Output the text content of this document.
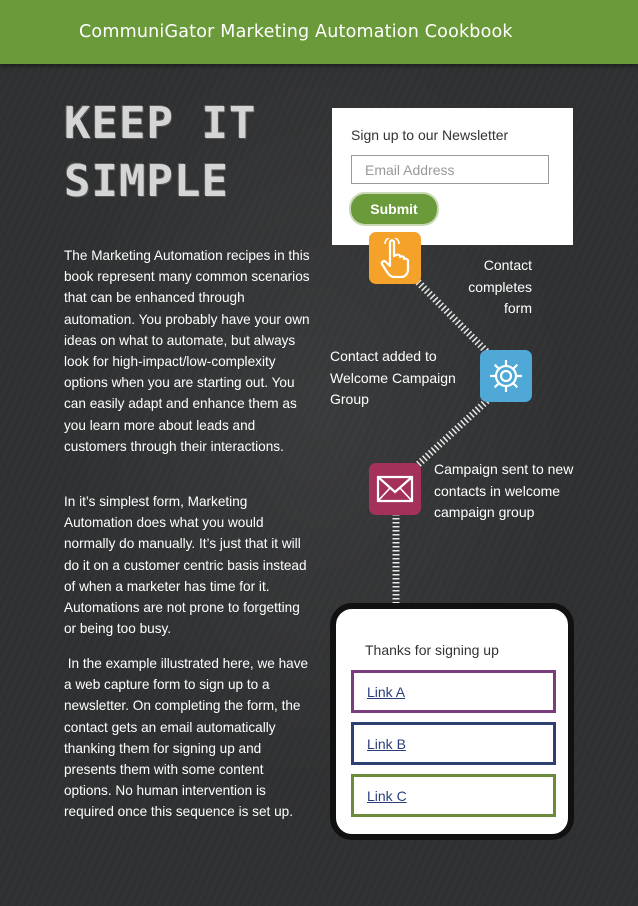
CommuniGator Marketing Automation Cookbook
KEEP IT
SIMPLE

The Marketing Automation recipes in this book represent many common scenarios that can be enhanced through automation. You probably have your own ideas on what to automate, but always look for high-impact/low-complexity options when you are starting out. You can easily adapt and enhance them as you learn more about leads and customers through their interactions.

In it’s simplest form, Marketing Automation does what you would normally do manually. It’s just that it will do it on a customer centric basis instead of when a marketer has time for it. Automations are not prone to forgetting or being too busy.

In the example illustrated here, we have a web capture form to sign up to a newsletter. On completing the form, the contact gets an email automatically thanking them for signing up and presents them with some content options. No human intervention is required once this sequence is set up.

Sign up to our Newsletter
Email Address
Submit

Contact completes form

Contact added to Welcome Campaign Group

Campaign sent to new contacts in welcome campaign group

Thanks for signing up
Link A
Link B
Link C
